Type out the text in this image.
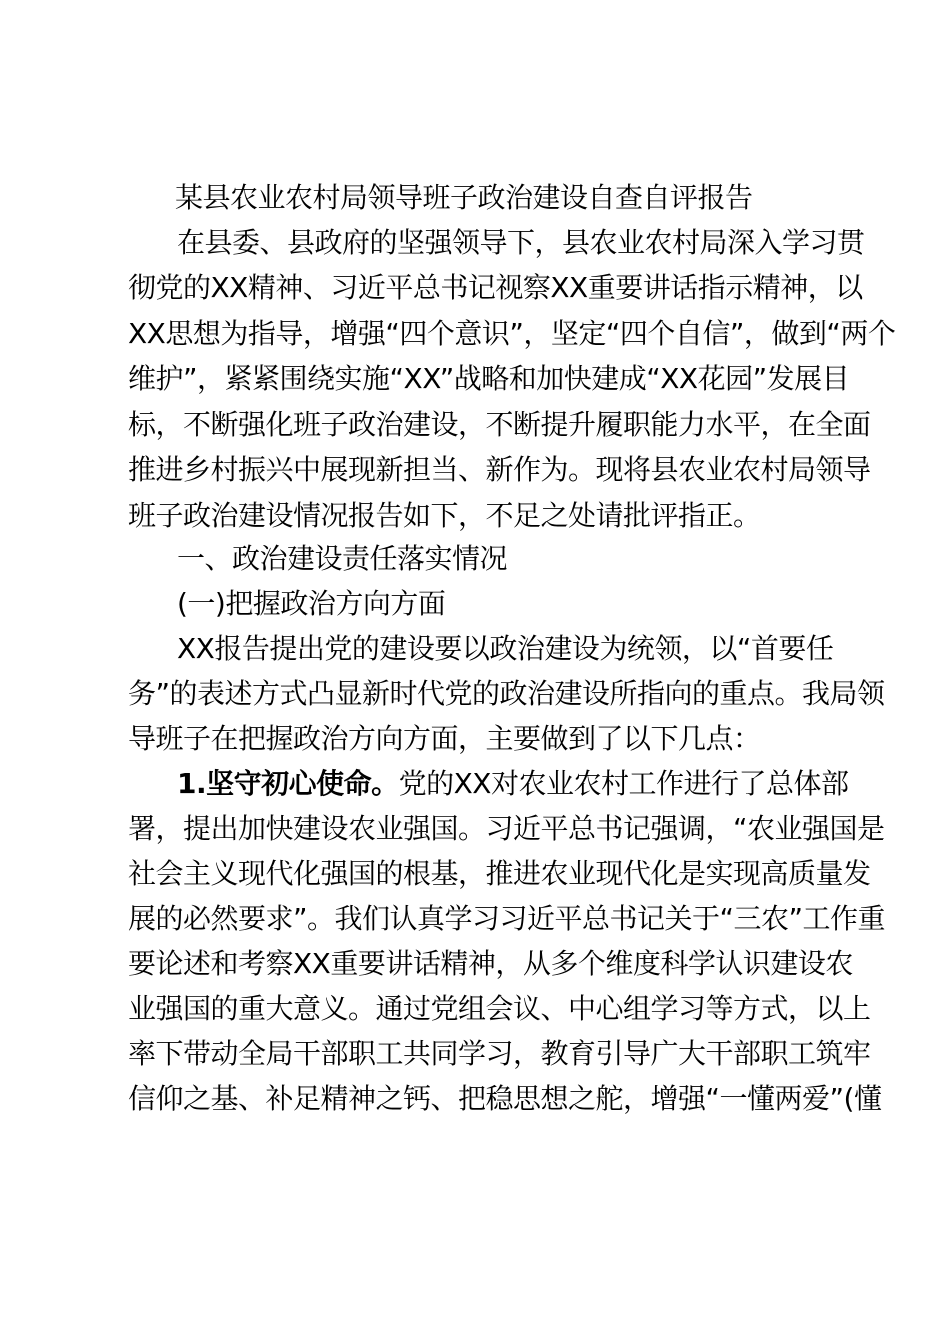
某县农业农村局领导班子政治建设自查自评报告

在县委、县政府的坚强领导下，县农业农村局深入学习贯

彻党的XX精神、习近平总书记视察XX重要讲话指示精神，以

XX思想为指导，增强“四个意识”，坚定“四个自信”，做到“两个

维护”，紧紧围绕实施“XX”战略和加快建成“XX花园”发展目

标，不断强化班子政治建设，不断提升履职能力水平，在全面

推进乡村振兴中展现新担当、新作为。现将县农业农村局领导

班子政治建设情况报告如下，不足之处请批评指正。

一、政治建设责任落实情况

(一)把握政治方向方面

XX报告提出党的建设要以政治建设为统领，以“首要任

务”的表述方式凸显新时代党的政治建设所指向的重点。我局领

导班子在把握政治方向方面，主要做到了以下几点：

1.坚守初心使命。党的XX对农业农村工作进行了总体部

署，提出加快建设农业强国。习近平总书记强调，“农业强国是

社会主义现代化强国的根基，推进农业现代化是实现高质量发

展的必然要求”。我们认真学习习近平总书记关于“三农”工作重

要论述和考察XX重要讲话精神，从多个维度科学认识建设农

业强国的重大意义。通过党组会议、中心组学习等方式，以上

率下带动全局干部职工共同学习，教育引导广大干部职工筑牢

信仰之基、补足精神之钙、把稳思想之舵，增强“一懂两爱”(懂
